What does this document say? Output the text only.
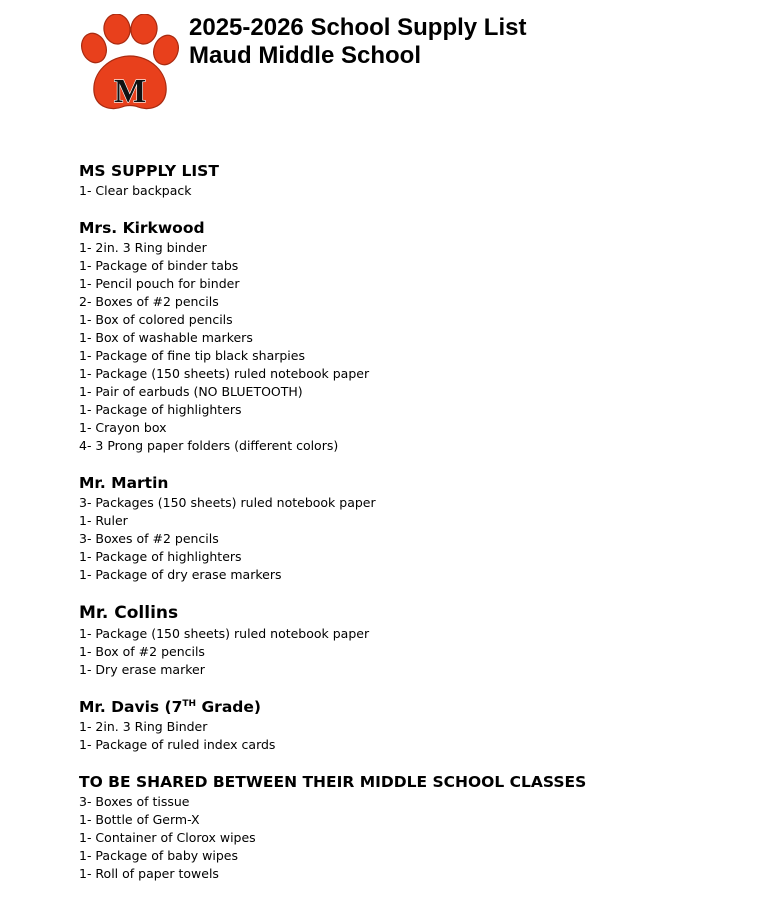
M
2025-2026 School Supply List
Maud Middle School
MS SUPPLY LIST
1- Clear backpack
Mrs. Kirkwood
1- 2in. 3 Ring binder
1- Package of binder tabs
1- Pencil pouch for binder
2- Boxes of #2 pencils
1- Box of colored pencils
1- Box of washable markers
1- Package of fine tip black sharpies
1- Package (150 sheets) ruled notebook paper
1- Pair of earbuds (NO BLUETOOTH)
1- Package of highlighters
1- Crayon box
4- 3 Prong paper folders (different colors)
Mr. Martin
3- Packages (150 sheets) ruled notebook paper
1- Ruler
3- Boxes of #2 pencils
1- Package of highlighters
1- Package of dry erase markers
Mr. Collins
1- Package (150 sheets) ruled notebook paper
1- Box of #2 pencils
1- Dry erase marker
Mr. Davis (7TH Grade)
1- 2in. 3 Ring Binder
1- Package of ruled index cards
TO BE SHARED BETWEEN THEIR MIDDLE SCHOOL CLASSES
3- Boxes of tissue
1- Bottle of Germ-X
1- Container of Clorox wipes
1- Package of baby wipes
1- Roll of paper towels
